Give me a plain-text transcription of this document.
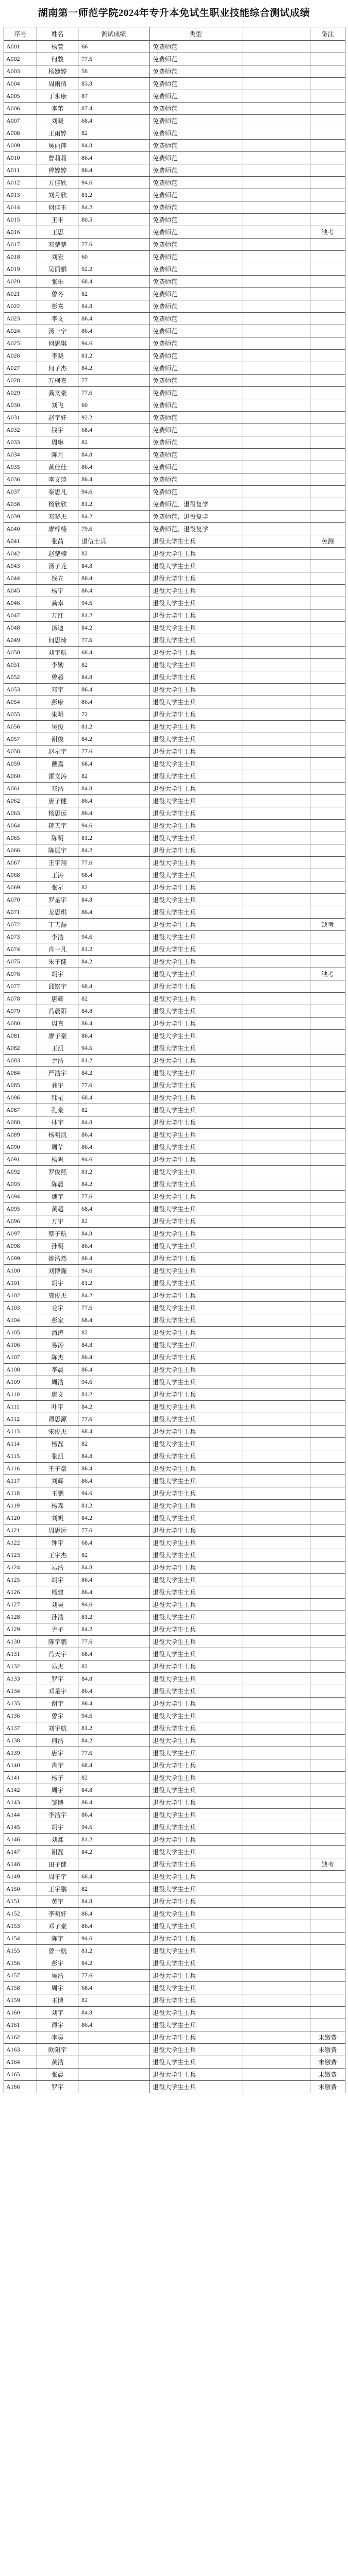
湖南第一师范学院2024年专升本免试生职业技能综合测试成绩
序号	姓名	测试成绩	类型		备注
A001	杨萱	66	免费师范		
A002	何骏	77.6	免费师范		
A003	杨婕婷	58	免费师范		
A004	周雨倩	83.8	免费师范		
A005	丁永康	87	免费师范		
A006	李蕾	87.4	免费师范		
A007	刘晓	68.4	免费师范		
A008	王雨婷	82	免费师范		
A009	吴丽萍	84.8	免费师范		
A010	曹莉莉	86.4	免费师范		
A011	曾婷婷	86.4	免费师范		
A012	方佳欣	94.6	免费师范		
A013	刘月欣	81.2	免费师范		
A014	何佳玉	84.2	免费师范		
A015	王平	80.5	免费师范		
A016	王思		免费师范		缺考
A017	邓楚楚	77.6	免费师范		
A018	刘宏	60	免费师范		
A019	吴丽娟	92.2	免费师范		
A020	张乐	68.4	免费师范		
A021	曾冬	82	免费师范		
A022	彭嘉	84.8	免费师范		
A023	李文	86.4	免费师范		
A024	汤一宁	86.4	免费师范		
A025	何思琪	94.6	免费师范		
A026	李晓	81.2	免费师范		
A027	何子杰	84.2	免费师范		
A028	万柯嘉	77	免费师范		
A029	龚文豪	77.6	免费师范		
A030	刘飞	60	免费师范		
A031	赵宇轩	92.2	免费师范		
A032	钱宇	68.4	免费师范		
A033	周琳	82	免费师范		
A034	陈月	84.8	免费师范		
A035	黄佳佳	86.4	免费师范		
A036	李文琦	86.4	免费师范		
A037	秦思凡	94.6	免费师范		
A038	杨欣欣	81.2	免费师范、退役复学		
A039	邓晓杰	84.2	免费师范、退役复学		
A040	廖梓楠	79.6	免费师范、退役复学		
A041	张茜	退伍士兵	退役大学生士兵		免测
A042	赵楚楠	82	退役大学生士兵		
A043	汤子龙	84.8	退役大学生士兵		
A044	钱立	86.4	退役大学生士兵		
A045	杨宁	86.4	退役大学生士兵		
A046	龚卓	94.6	退役大学生士兵		
A047	万红	81.2	退役大学生士兵		
A048	汤迪	84.2	退役大学生士兵		
A049	何思琦	77.6	退役大学生士兵		
A050	刘宇航	68.4	退役大学生士兵		
A051	李勋	82	退役大学生士兵		
A052	曾超	84.8	退役大学生士兵		
A053	邓宇	86.4	退役大学生士兵		
A054	彭康	86.4	退役大学生士兵		
A055	朱明	72	退役大学生士兵		
A056	吴俊	81.2	退役大学生士兵		
A057	谢俊	84.2	退役大学生士兵		
A058	赵星宇	77.6	退役大学生士兵		
A059	戴嘉	68.4	退役大学生士兵		
A060	雷文涛	82	退役大学生士兵		
A061	邓浩	84.8	退役大学生士兵		
A062	唐子健	86.4	退役大学生士兵		
A063	杨思远	86.4	退役大学生士兵		
A064	蒋天宇	94.6	退役大学生士兵		
A065	陈明	81.2	退役大学生士兵		
A066	陈振宇	84.2	退役大学生士兵		
A067	王宇翔	77.6	退役大学生士兵		
A068	王涛	68.4	退役大学生士兵		
A069	张星	82	退役大学生士兵		
A070	罗星宇	84.8	退役大学生士兵		
A071	龙思琪	86.4	退役大学生士兵		
A072	丁天磊		退役大学生士兵		缺考
A073	李浩	94.6	退役大学生士兵		
A074	肖一凡	81.2	退役大学生士兵		
A075	朱子健	84.2	退役大学生士兵		
A076	胡宇		退役大学生士兵		缺考
A077	邱铭宇	68.4	退役大学生士兵		
A078	唐辉	82	退役大学生士兵		
A079	冯晨阳	84.8	退役大学生士兵		
A080	周嘉	86.4	退役大学生士兵		
A081	廖子豪	86.4	退役大学生士兵		
A082	王凯	94.6	退役大学生士兵		
A083	尹浩	81.2	退役大学生士兵		
A084	严浩宇	84.2	退役大学生士兵		
A085	龚宇	77.6	退役大学生士兵		
A086	韩星	68.4	退役大学生士兵		
A087	孔豪	82	退役大学生士兵		
A088	林宇	84.8	退役大学生士兵		
A089	杨明凯	86.4	退役大学生士兵		
A090	周华	86.4	退役大学生士兵		
A091	杨帆	94.6	退役大学生士兵		
A092	罗俊熙	81.2	退役大学生士兵		
A093	陈晨	84.2	退役大学生士兵		
A094	魏宇	77.6	退役大学生士兵		
A095	黄超	68.4	退役大学生士兵		
A096	万宇	82	退役大学生士兵		
A097	蔡子航	84.8	退役大学生士兵		
A098	孙明	86.4	退役大学生士兵		
A099	姚浩然	86.4	退役大学生士兵		
A100	刘博瀚	94.6	退役大学生士兵		
A101	胡宇	81.2	退役大学生士兵		
A102	郭俊杰	84.2	退役大学生士兵		
A103	龙宇	77.6	退役大学生士兵		
A104	彭家	68.4	退役大学生士兵		
A105	潘涛	82	退役大学生士兵		
A106	易涛	84.8	退役大学生士兵		
A107	陈杰	86.4	退役大学生士兵		
A108	李晨	86.4	退役大学生士兵		
A109	周浩	94.6	退役大学生士兵		
A110	唐文	81.2	退役大学生士兵		
A111	叶宇	84.2	退役大学生士兵		
A112	谭思源	77.6	退役大学生士兵		
A113	宋俊杰	68.4	退役大学生士兵		
A114	杨磊	82	退役大学生士兵		
A115	张凯	84.8	退役大学生士兵		
A116	王子豪	86.4	退役大学生士兵		
A117	刘辉	86.4	退役大学生士兵		
A118	王鹏	94.6	退役大学生士兵		
A119	杨森	81.2	退役大学生士兵		
A120	刘帆	84.2	退役大学生士兵		
A121	周思远	77.6	退役大学生士兵		
A122	钟宇	68.4	退役大学生士兵		
A123	王宇杰	82	退役大学生士兵		
A124	易浩	84.8	退役大学生士兵		
A125	胡宇	86.4	退役大学生士兵		
A126	杨建	86.4	退役大学生士兵		
A127	刘昊	94.6	退役大学生士兵		
A128	孙浩	81.2	退役大学生士兵		
A129	尹子	84.2	退役大学生士兵		
A130	陈宇鹏	77.6	退役大学生士兵		
A131	冯天宇	68.4	退役大学生士兵		
A132	易杰	82	退役大学生士兵		
A133	罗宇	84.8	退役大学生士兵		
A134	邓星宇	86.4	退役大学生士兵		
A135	谢宇	86.4	退役大学生士兵		
A136	曾宇	94.6	退役大学生士兵		
A137	刘宇航	81.2	退役大学生士兵		
A138	何浩	84.2	退役大学生士兵		
A139	唐宇	77.6	退役大学生士兵		
A140	肖宇	68.4	退役大学生士兵		
A141	杨子	82	退役大学生士兵		
A142	周宇	84.8	退役大学生士兵		
A143	邹博	86.4	退役大学生士兵		
A144	李浩宇	86.4	退役大学生士兵		
A145	胡宇	94.6	退役大学生士兵		
A146	刘鑫	81.2	退役大学生士兵		
A147	谢磊	84.2	退役大学生士兵		
A148	田子健		退役大学生士兵		缺考
A149	周子宇	68.4	退役大学生士兵		
A150	王宇鹏	82	退役大学生士兵		
A151	黄宇	84.8	退役大学生士兵		
A152	李明轩	86.4	退役大学生士兵		
A153	邓子豪	86.4	退役大学生士兵		
A154	陈宇	94.6	退役大学生士兵		
A155	曾一航	81.2	退役大学生士兵		
A156	彭宇	84.2	退役大学生士兵		
A157	吴浩	77.6	退役大学生士兵		
A158	周宇	68.4	退役大学生士兵		
A159	王博	82	退役大学生士兵		
A160	刘宇	84.8	退役大学生士兵		
A161	谭宇	86.4	退役大学生士兵		
A162	李昊		退役大学生士兵		未缴费
A163	欧阳宇		退役大学生士兵		未缴费
A164	黄浩		退役大学生士兵		未缴费
A165	张晨		退役大学生士兵		未缴费
A166	罗宇		退役大学生士兵		未缴费
